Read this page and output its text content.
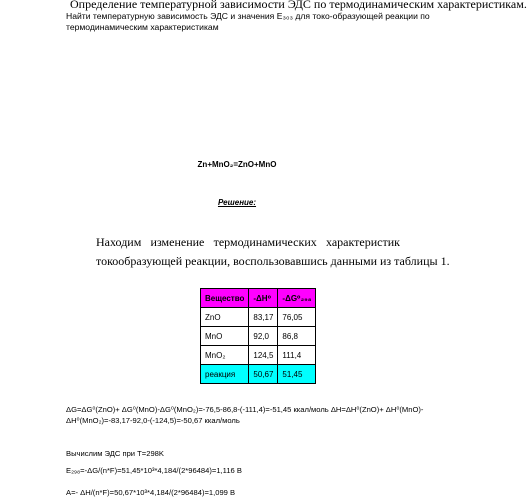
Определение температурной зависимости ЭДС по термодинамическим характеристикам.
Найти температурную зависимость ЭДС и значения E₃₀₃ для токо-образующей реакции по термодинамическим характеристикам
Zn+MnO₂=ZnO+MnO
Решение:
Находим изменение термодинамических характеристик
токообразующей реакции, воспользовавшись данными из таблицы 1.
Вещество	-ΔH⁰	-ΔG⁰₂₉₈
ZnO	83,17	76,05
MnO	92,0	86,8
MnO₂	124,5	111,4
реакция	50,67	51,45
ΔG=ΔG⁰(ZnO)+ ΔG⁰(MnO)-ΔG⁰(MnO₂)=-76,5-86,8-(-111,4)=-51,45 ккал/моль ΔH=ΔH⁰(ZnO)+ ΔH⁰(MnO)-
ΔH⁰(MnO₂)=-83,17-92,0-(-124,5)=-50,67 ккал/моль
Вычислим ЭДС при T=298K
E₂₉₈=-ΔG/(n*F)=51,45*10³*4,184/(2*96484)=1,116 В
A=- ΔH/(n*F)=50,67*10³*4,184/(2*96484)=1,099 В
